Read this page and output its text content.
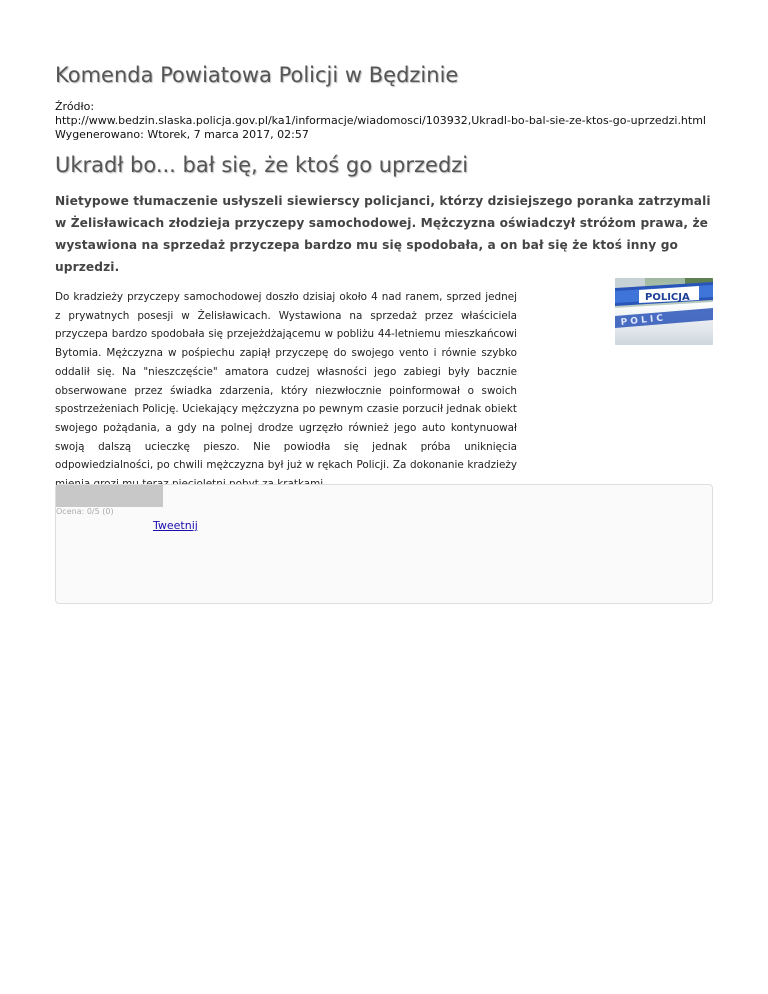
Komenda Powiatowa Policji w Będzinie
Źródło:
http://www.bedzin.slaska.policja.gov.pl/ka1/informacje/wiadomosci/103932,Ukradl-bo-bal-sie-ze-ktos-go-uprzedzi.html
Wygenerowano: Wtorek, 7 marca 2017, 02:57
Ukradł bo... bał się, że ktoś go uprzedzi
Nietypowe tłumaczenie usłyszeli siewierscy policjanci, którzy dzisiejszego poranka zatrzymali w Żelisławicach złodzieja przyczepy samochodowej. Mężczyzna oświadczył stróżom prawa, że wystawiona na sprzedaż przyczepa bardzo mu się spodobała, a on bał się że ktoś inny go uprzedzi.
POLICJA
P O L I C
Do kradzieży przyczepy samochodowej doszło dzisiaj około 4 nad ranem, sprzed jednej z prywatnych posesji w Żelisławicach. Wystawiona na sprzedaż przez właściciela przyczepa bardzo spodobała się przejeżdżającemu w pobliżu 44-letniemu mieszkańcowi Bytomia. Mężczyzna w pośpiechu zapiął przyczepę do swojego vento i równie szybko oddalił się. Na "nieszczęście" amatora cudzej własności jego zabiegi były bacznie obserwowane przez świadka zdarzenia, który niezwłocznie poinformował o swoich spostrzeżeniach Policję. Uciekający mężczyzna po pewnym czasie porzucił jednak obiekt swojego pożądania, a gdy na polnej drodze ugrzęzło również jego auto kontynuował swoją dalszą ucieczkę pieszo. Nie powiodła się jednak próba uniknięcia odpowiedzialności, po chwili mężczyzna był już w rękach Policji. Za dokonanie kradzieży
Ocena: 0/5 (0)
Tweetnij
